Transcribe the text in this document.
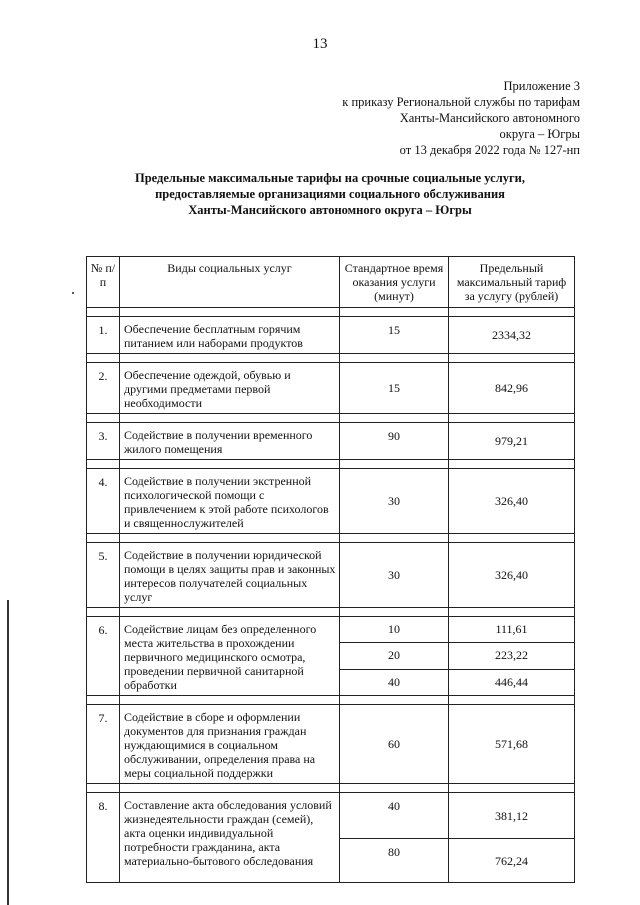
13
Приложение 3
к приказу Региональной службы по тарифам
Ханты-Мансийского автономного
округа – Югры
от 13 декабря 2022 года № 127-нп
Предельные максимальные тарифы на срочные социальные услуги,
предоставляемые организациями социального обслуживания
Ханты-Мансийского автономного округа – Югры
№ п/п	Виды социальных услуг	Стандартное время оказания услуги (минут)	Предельный максимальный тариф за услугу (рублей)

1.	Обеспечение бесплатным горячим питанием или наборами продуктов	15	2334,32

2.	Обеспечение одеждой, обувью и другими предметами первой необходимости	15	842,96

3.	Содействие в получении временного жилого помещения	90	979,21

4.	Содействие в получении экстренной психологической помощи с привлечением к этой работе психологов и священнослужителей	30	326,40

5.	Содействие в получении юридической помощи в целях защиты прав и законных интересов получателей социальных услуг	30	326,40

6.	Содействие лицам без определенного места жительства в прохождении первичного медицинского осмотра, проведении первичной санитарной обработки	10	111,61
		20	223,22
		40	446,44

7.	Содействие в сборе и оформлении документов для признания граждан нуждающимися в социальном обслуживании, определения права на меры социальной поддержки	60	571,68

8.	Составление акта обследования условий жизнедеятельности граждан (семей), акта оценки индивидуальной потребности гражданина, акта материально-бытового обследования	40	381,12
		80	762,24
